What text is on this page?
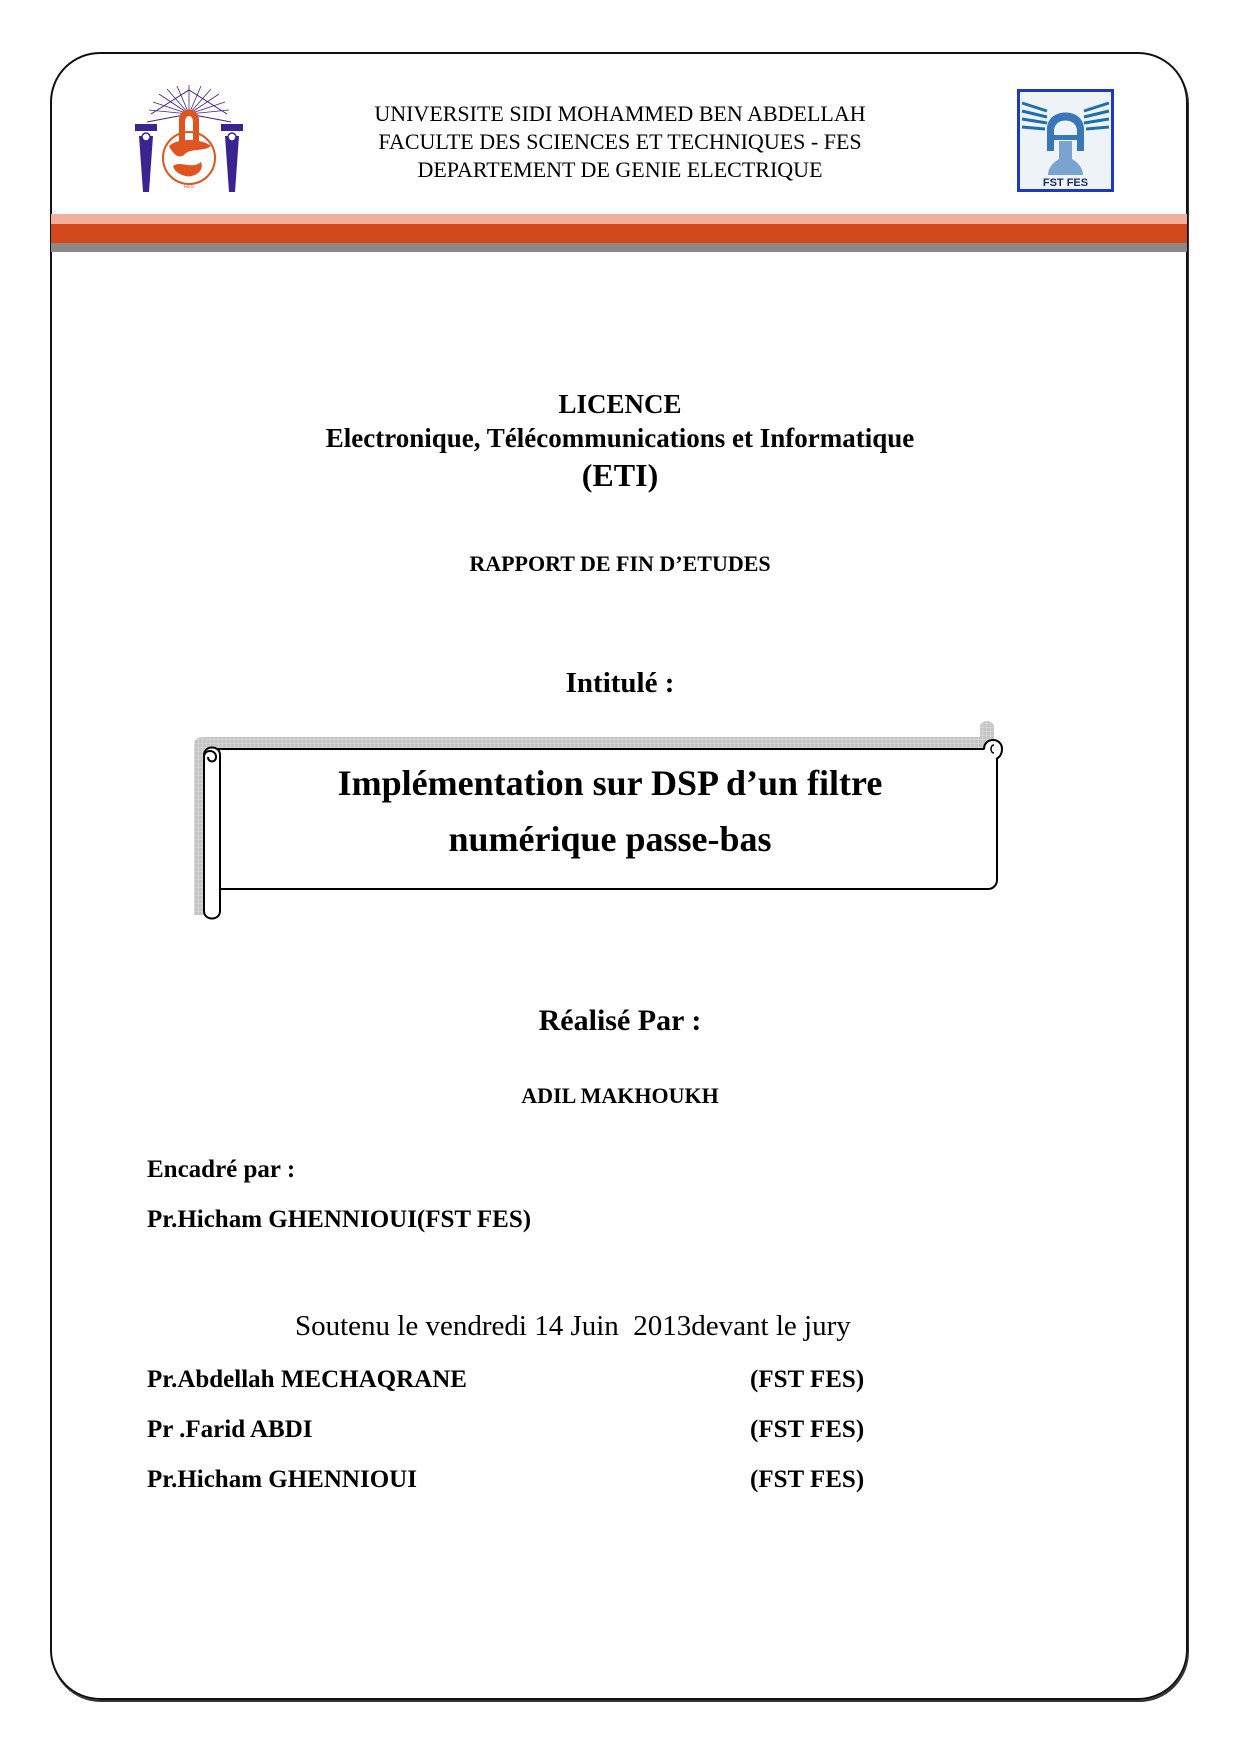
FES
UNIVERSITE SIDI MOHAMMED BEN ABDELLAH
FACULTE DES SCIENCES ET TECHNIQUES - FES
DEPARTEMENT DE GENIE ELECTRIQUE
FST FES
LICENCE
Electronique, Télécommunications et Informatique
(ETI)
RAPPORT DE FIN D’ETUDES
Intitulé :
Implémentation sur DSP d’un filtre
numérique passe-bas
Réalisé Par :
ADIL MAKHOUKH
Encadré par :
Pr.Hicham GHENNIOUI(FST FES)
Soutenu le vendredi 14 Juin  2013devant le jury
Pr.Abdellah MECHAQRANE	(FST FES)
Pr .Farid ABDI	(FST FES)
Pr.Hicham GHENNIOUI	(FST FES)
